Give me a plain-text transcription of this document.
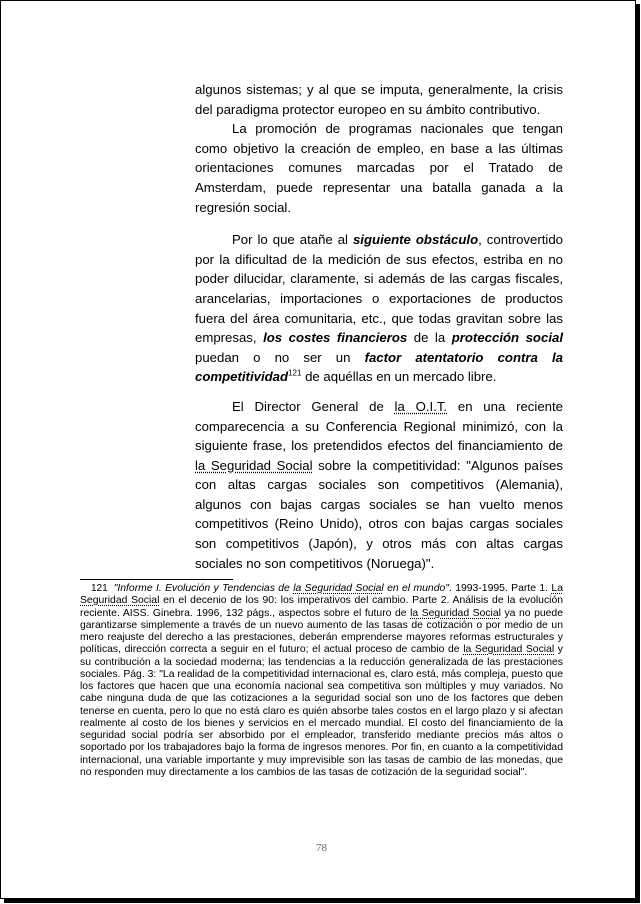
algunos sistemas; y al que se imputa, generalmente, la crisis del paradigma protector europeo en su ámbito contributivo.

La promoción de programas nacionales que tengan como objetivo la creación de empleo, en base a las últimas orientaciones comunes marcadas por el Tratado de Amsterdam, puede representar una batalla ganada a la regresión social.

Por lo que atañe al siguiente obstáculo, controvertido por la dificultad de la medición de sus efectos, estriba en no poder dilucidar, claramente, si además de las cargas fiscales, arancelarias, importaciones o exportaciones de productos fuera del área comunitaria, etc., que todas gravitan sobre las empresas, los costes financieros de la protección social puedan o no ser un factor atentatorio contra la competitividad$^{121}$ de aquéllas en un mercado libre.

El Director General de la O.I.T. en una reciente comparecencia a su Conferencia Regional minimizó, con la siguiente frase, los pretendidos efectos del financiamiento de la Seguridad Social sobre la competitividad: "Algunos países con altas cargas sociales son competitivos (Alemania), algunos con bajas cargas sociales se han vuelto menos competitivos (Reino Unido), otros con bajas cargas sociales son competitivos (Japón), y otros más con altas cargas sociales no son competitivos (Noruega)".

121 "Informe I. Evolución y Tendencias de la Seguridad Social en el mundo". 1993-1995. Parte 1. La Seguridad Social en el decenio de los 90: los imperativos del cambio. Parte 2. Análisis de la evolución reciente. AISS. Ginebra. 1996, 132 págs., aspectos sobre el futuro de la Seguridad Social ya no puede garantizarse simplemente a través de un nuevo aumento de las tasas de cotización o por medio de un mero reajuste del derecho a las prestaciones, deberán emprenderse mayores reformas estructurales y políticas, dirección correcta a seguir en el futuro; el actual proceso de cambio de la Seguridad Social y su contribución a la sociedad moderna; las tendencias a la reducción generalizada de las prestaciones sociales. Pág. 3: "La realidad de la competitividad internacional es, claro está, más compleja, puesto que los factores que hacen que una economía nacional sea competitiva son múltiples y muy variados. No cabe ninguna duda de que las cotizaciones a la seguridad social son uno de los factores que deben tenerse en cuenta, pero lo que no está claro es quién absorbe tales costos en el largo plazo y si afectan realmente al costo de los bienes y servicios en el mercado mundial. El costo del financiamiento de la seguridad social podría ser absorbido por el empleador, transferido mediante precios más altos o soportado por los trabajadores bajo la forma de ingresos menores. Por fin, en cuanto a la competitividad internacional, una variable importante y muy imprevisible son las tasas de cambio de las monedas, que no responden muy directamente a los cambios de las tasas de cotización de la seguridad social".
78
